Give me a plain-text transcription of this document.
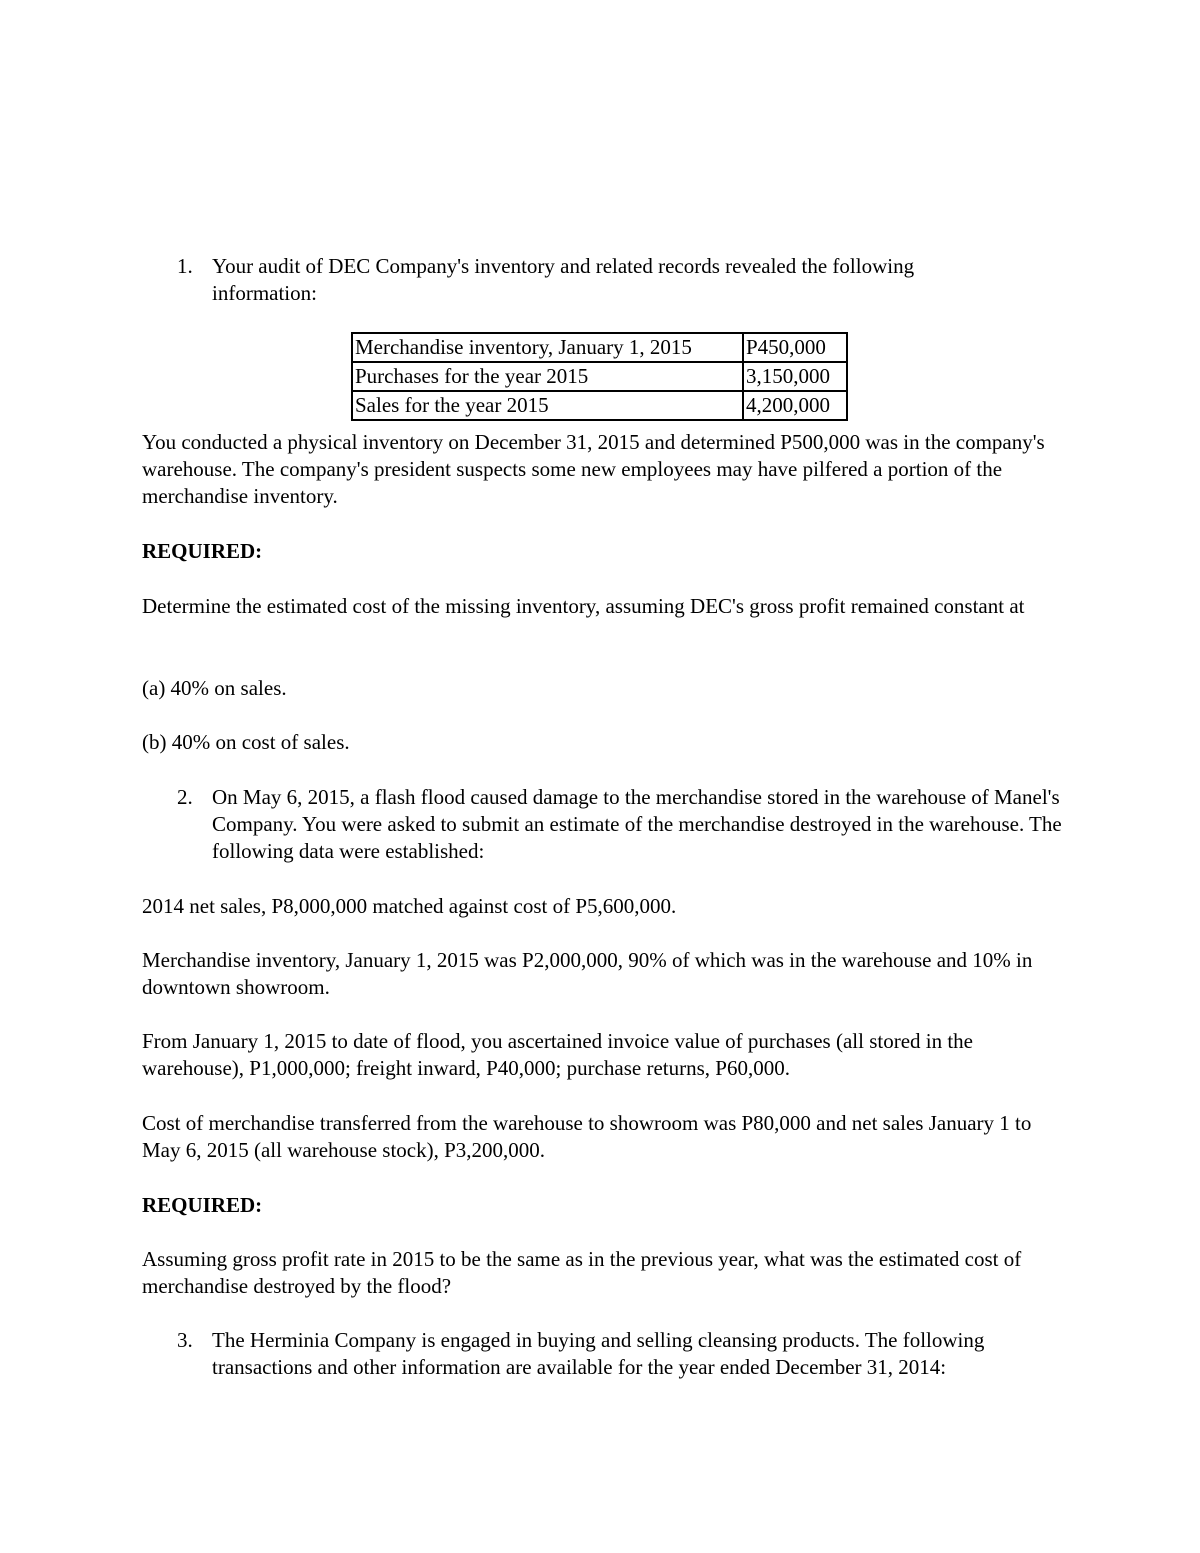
1. Your audit of DEC Company's inventory and related records revealed the following information:

Merchandise inventory, January 1, 2015	P450,000
Purchases for the year 2015	3,150,000
Sales for the year 2015	4,200,000

You conducted a physical inventory on December 31, 2015 and determined P500,000 was in the company's warehouse. The company's president suspects some new employees may have pilfered a portion of the merchandise inventory.

REQUIRED:

Determine the estimated cost of the missing inventory, assuming DEC's gross profit remained constant at

(a) 40% on sales.

(b) 40% on cost of sales.

2. On May 6, 2015, a flash flood caused damage to the merchandise stored in the warehouse of Manel's Company. You were asked to submit an estimate of the merchandise destroyed in the warehouse. The following data were established:

2014 net sales, P8,000,000 matched against cost of P5,600,000.

Merchandise inventory, January 1, 2015 was P2,000,000, 90% of which was in the warehouse and 10% in downtown showroom.

From January 1, 2015 to date of flood, you ascertained invoice value of purchases (all stored in the warehouse), P1,000,000; freight inward, P40,000; purchase returns, P60,000.

Cost of merchandise transferred from the warehouse to showroom was P80,000 and net sales January 1 to May 6, 2015 (all warehouse stock), P3,200,000.

REQUIRED:

Assuming gross profit rate in 2015 to be the same as in the previous year, what was the estimated cost of merchandise destroyed by the flood?

3. The Herminia Company is engaged in buying and selling cleansing products. The following transactions and other information are available for the year ended December 31, 2014:
